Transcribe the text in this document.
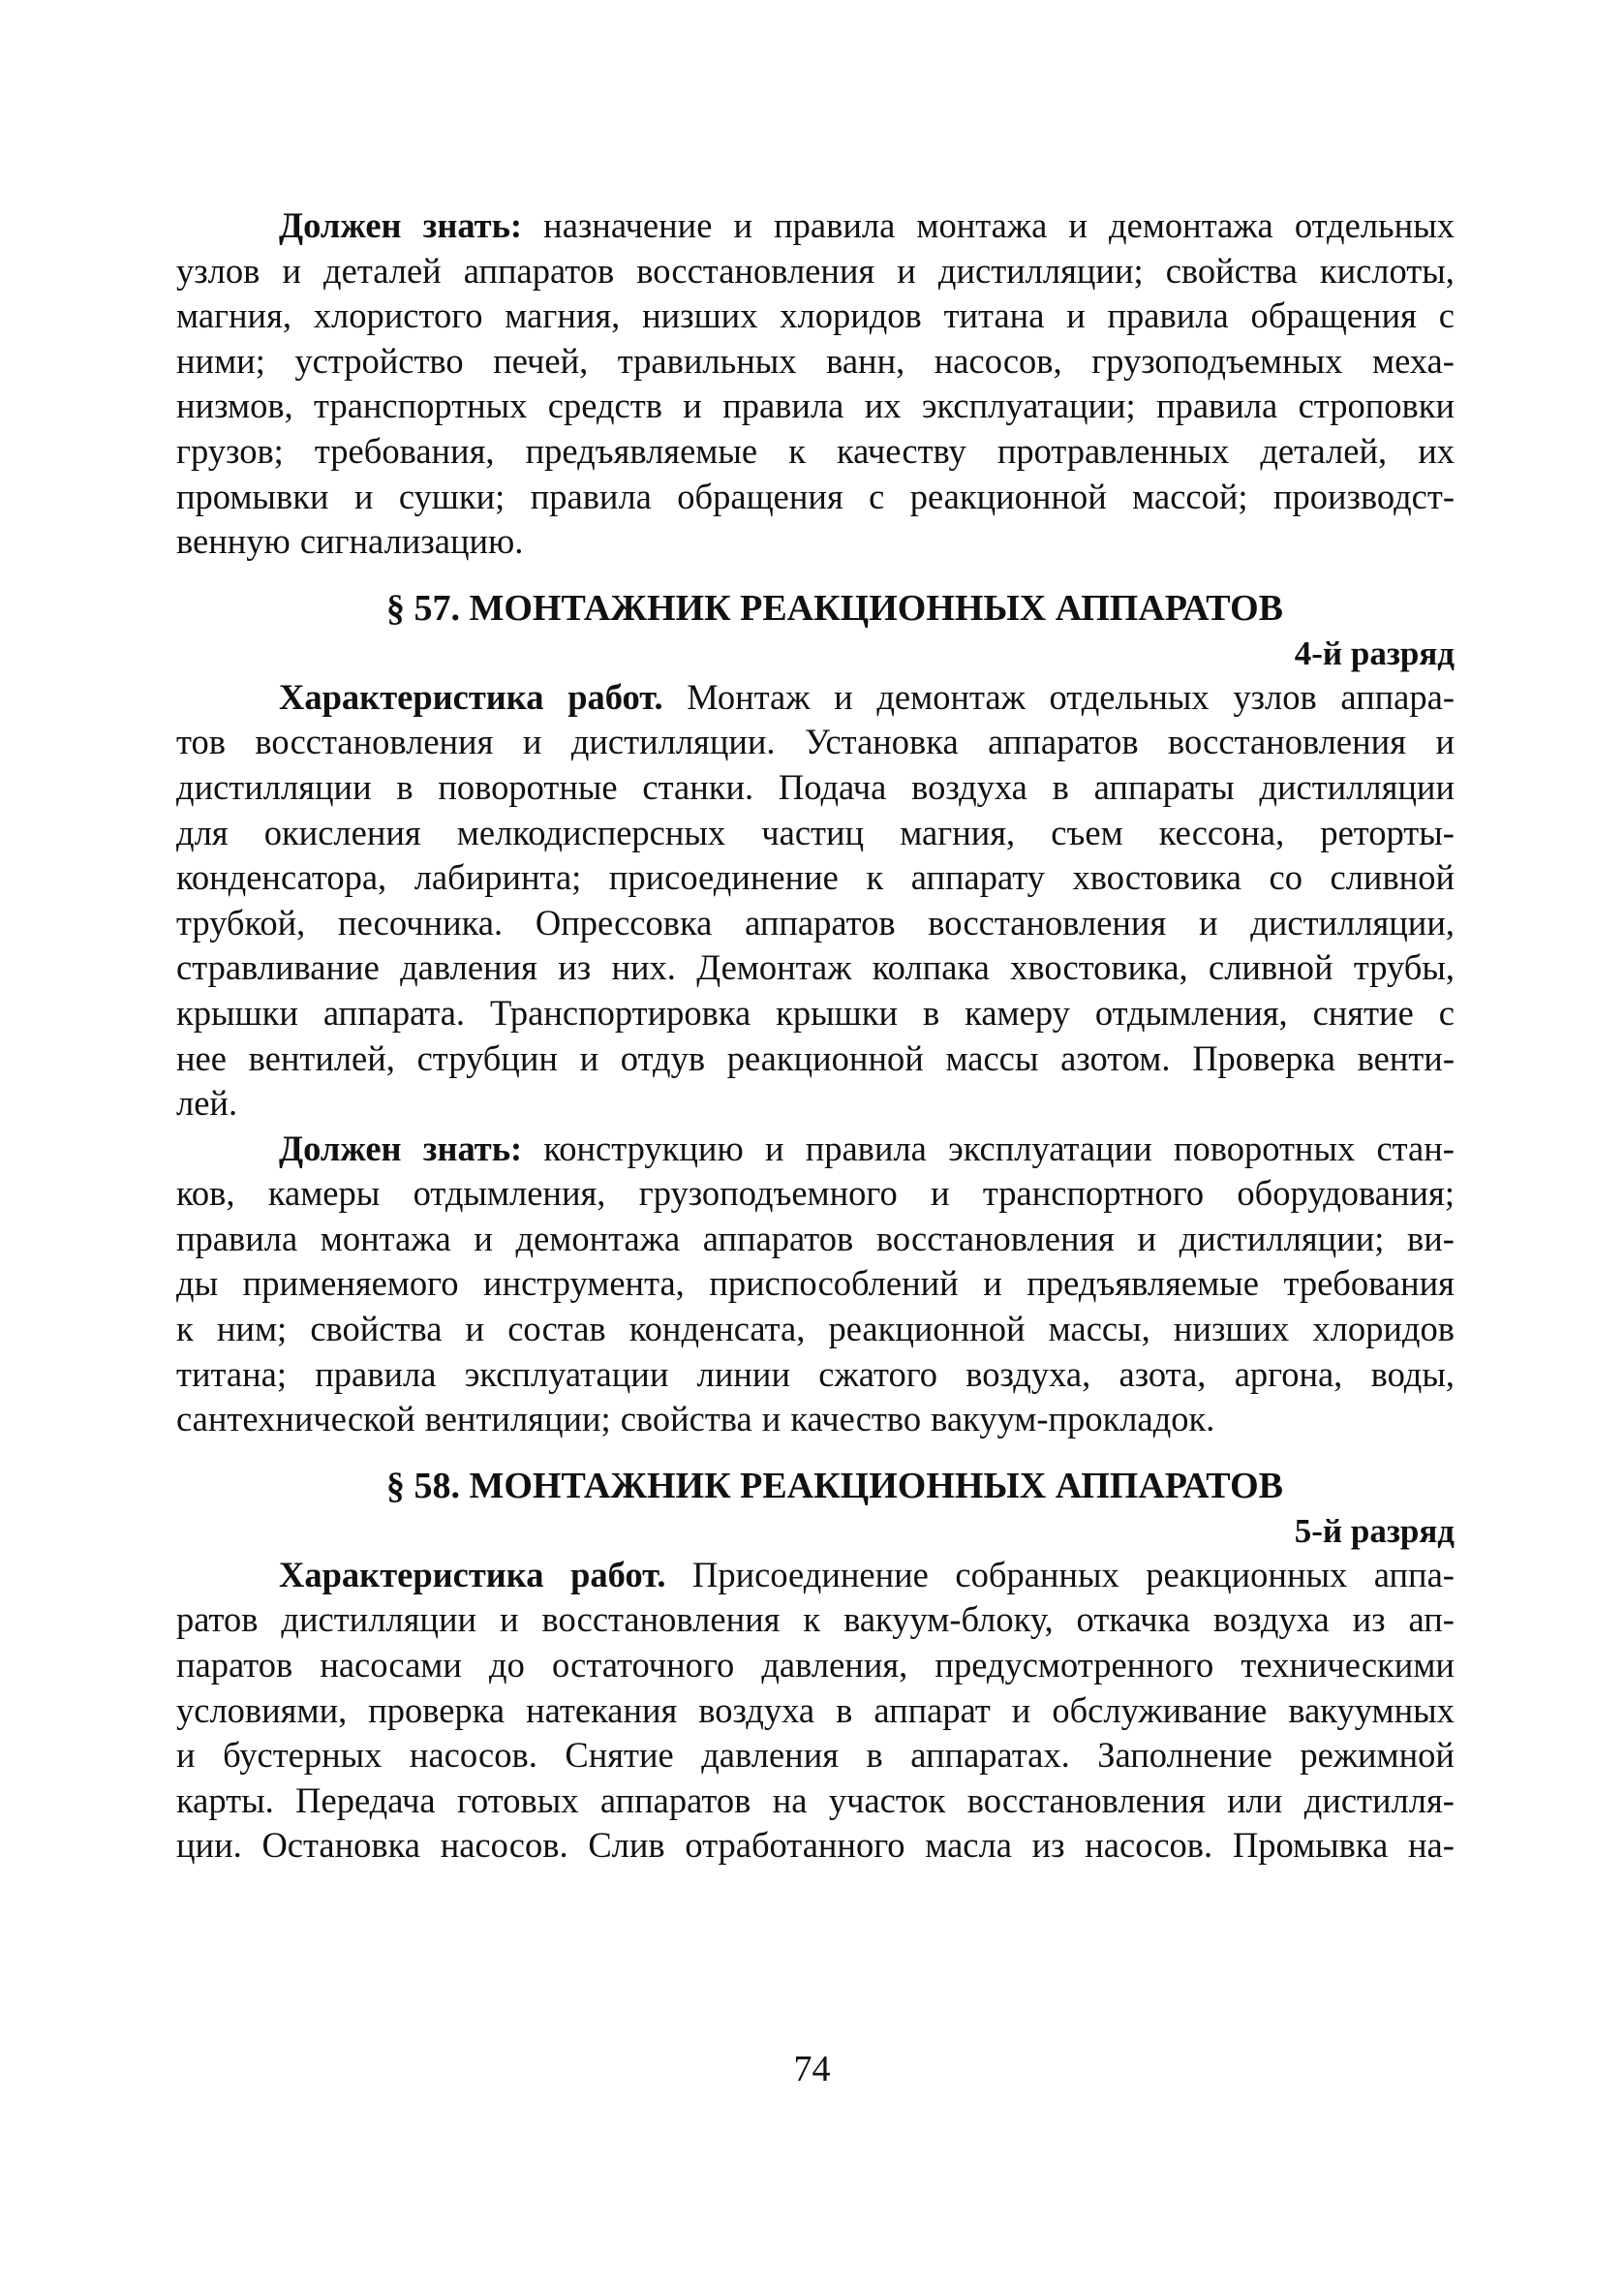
Должен знать: назначение и правила монтажа и демонтажа отдельных
узлов и деталей аппаратов восстановления и дистилляции; свойства кислоты,
магния, хлористого магния, низших хлоридов титана и правила обращения с
ними; устройство печей, травильных ванн, насосов, грузоподъемных меха-
низмов, транспортных средств и правила их эксплуатации; правила строповки
грузов; требования, предъявляемые к качеству протравленных деталей, их
промывки и сушки; правила обращения с реакционной массой; производст-
венную сигнализацию.
§ 57. МОНТАЖНИК РЕАКЦИОННЫХ АППАРАТОВ
4-й разряд
Характеристика работ. Монтаж и демонтаж отдельных узлов аппара-
тов восстановления и дистилляции. Установка аппаратов восстановления и
дистилляции в поворотные станки. Подача воздуха в аппараты дистилляции
для окисления мелкодисперсных частиц магния, съем кессона, реторты-
конденсатора, лабиринта; присоединение к аппарату хвостовика со сливной
трубкой, песочника. Опрессовка аппаратов восстановления и дистилляции,
стравливание давления из них. Демонтаж колпака хвостовика, сливной трубы,
крышки аппарата. Транспортировка крышки в камеру отдымления, снятие с
нее вентилей, струбцин и отдув реакционной массы азотом. Проверка венти-
лей.
Должен знать: конструкцию и правила эксплуатации поворотных стан-
ков, камеры отдымления, грузоподъемного и транспортного оборудования;
правила монтажа и демонтажа аппаратов восстановления и дистилляции; ви-
ды применяемого инструмента, приспособлений и предъявляемые требования
к ним; свойства и состав конденсата, реакционной массы, низших хлоридов
титана; правила эксплуатации линии сжатого воздуха, азота, аргона, воды,
сантехнической вентиляции; свойства и качество вакуум-прокладок.
§ 58. МОНТАЖНИК РЕАКЦИОННЫХ АППАРАТОВ
5-й разряд
Характеристика работ. Присоединение собранных реакционных аппа-
ратов дистилляции и восстановления к вакуум-блоку, откачка воздуха из ап-
паратов насосами до остаточного давления, предусмотренного техническими
условиями, проверка натекания воздуха в аппарат и обслуживание вакуумных
и бустерных насосов. Снятие давления в аппаратах. Заполнение режимной
карты. Передача готовых аппаратов на участок восстановления или дистилля-
ции. Остановка насосов. Слив отработанного масла из насосов. Промывка на-
74
